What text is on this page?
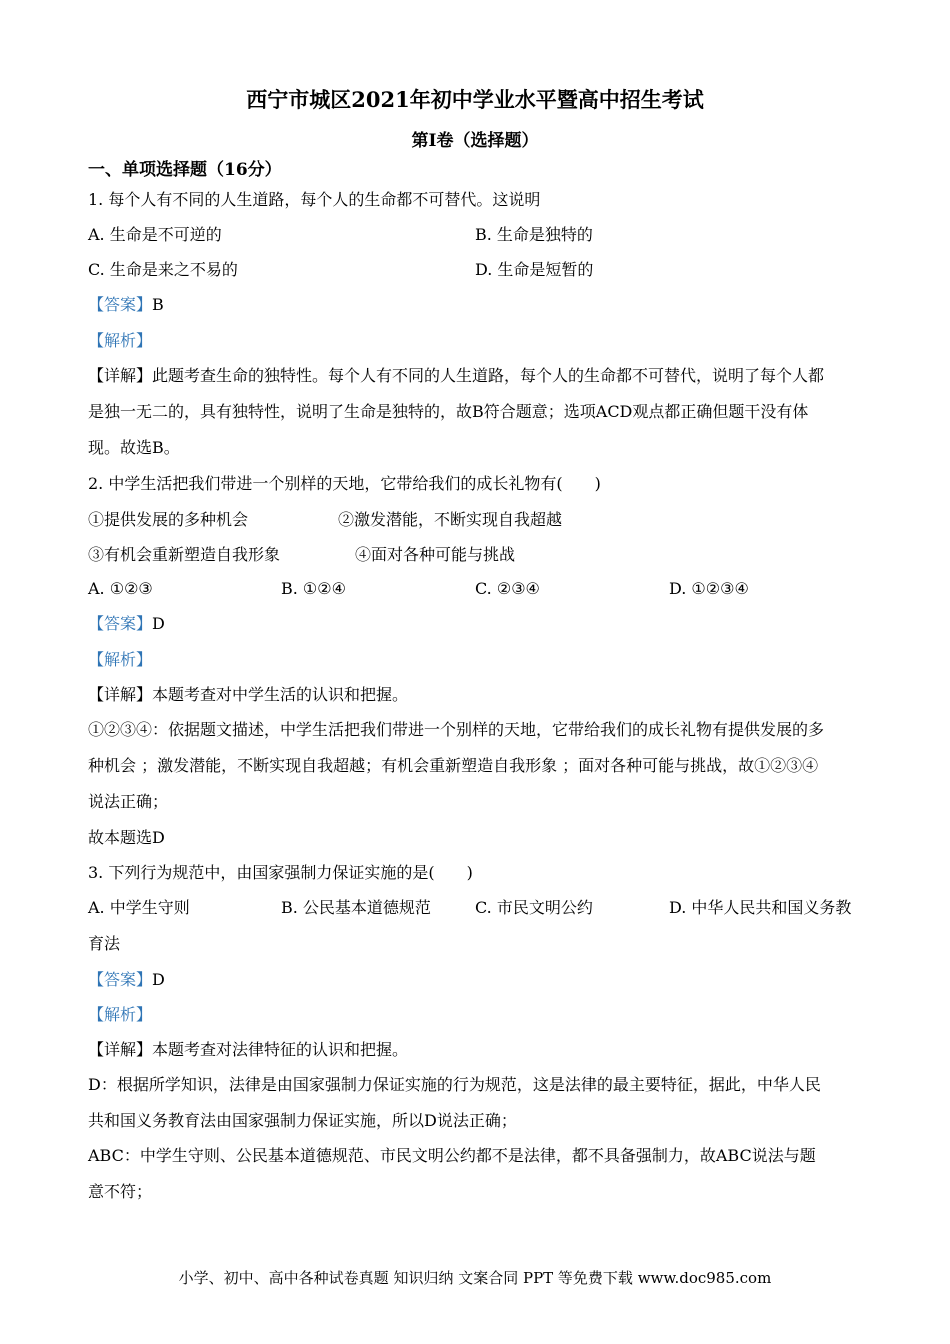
西宁市城区2021年初中学业水平暨高中招生考试
第I卷（选择题）
一、单项选择题（16分）
1. 每个人有不同的人生道路，每个人的生命都不可替代。这说明
A. 生命是不可逆的	B. 生命是独特的
C. 生命是来之不易的	D. 生命是短暂的
【答案】B
【解析】
【详解】此题考查生命的独特性。每个人有不同的人生道路，每个人的生命都不可替代，说明了每个人都
是独一无二的，具有独特性，说明了生命是独特的，故B符合题意；选项ACD观点都正确但题干没有体
现。故选B。
2. 中学生活把我们带进一个别样的天地，它带给我们的成长礼物有(　　)
①提供发展的多种机会	②激发潜能，不断实现自我超越
③有机会重新塑造自我形象	④面对各种可能与挑战
A. ①②③	B. ①②④	C. ②③④	D. ①②③④
【答案】D
【解析】
【详解】本题考查对中学生活的认识和把握。
①②③④：依据题文描述，中学生活把我们带进一个别样的天地，它带给我们的成长礼物有提供发展的多
种机会 ；激发潜能，不断实现自我超越；有机会重新塑造自我形象 ；面对各种可能与挑战，故①②③④
说法正确；
故本题选D
3. 下列行为规范中，由国家强制力保证实施的是(　　)
A. 中学生守则	B. 公民基本道德规范	C. 市民文明公约	D. 中华人民共和国义务教
育法
【答案】D
【解析】
【详解】本题考查对法律特征的认识和把握。
D：根据所学知识，法律是由国家强制力保证实施的行为规范，这是法律的最主要特征，据此，中华人民
共和国义务教育法由国家强制力保证实施，所以D说法正确；
ABC：中学生守则、公民基本道德规范、市民文明公约都不是法律，都不具备强制力，故ABC说法与题
意不符；
小学、初中、高中各种试卷真题 知识归纳 文案合同 PPT 等免费下载 www.doc985.com
